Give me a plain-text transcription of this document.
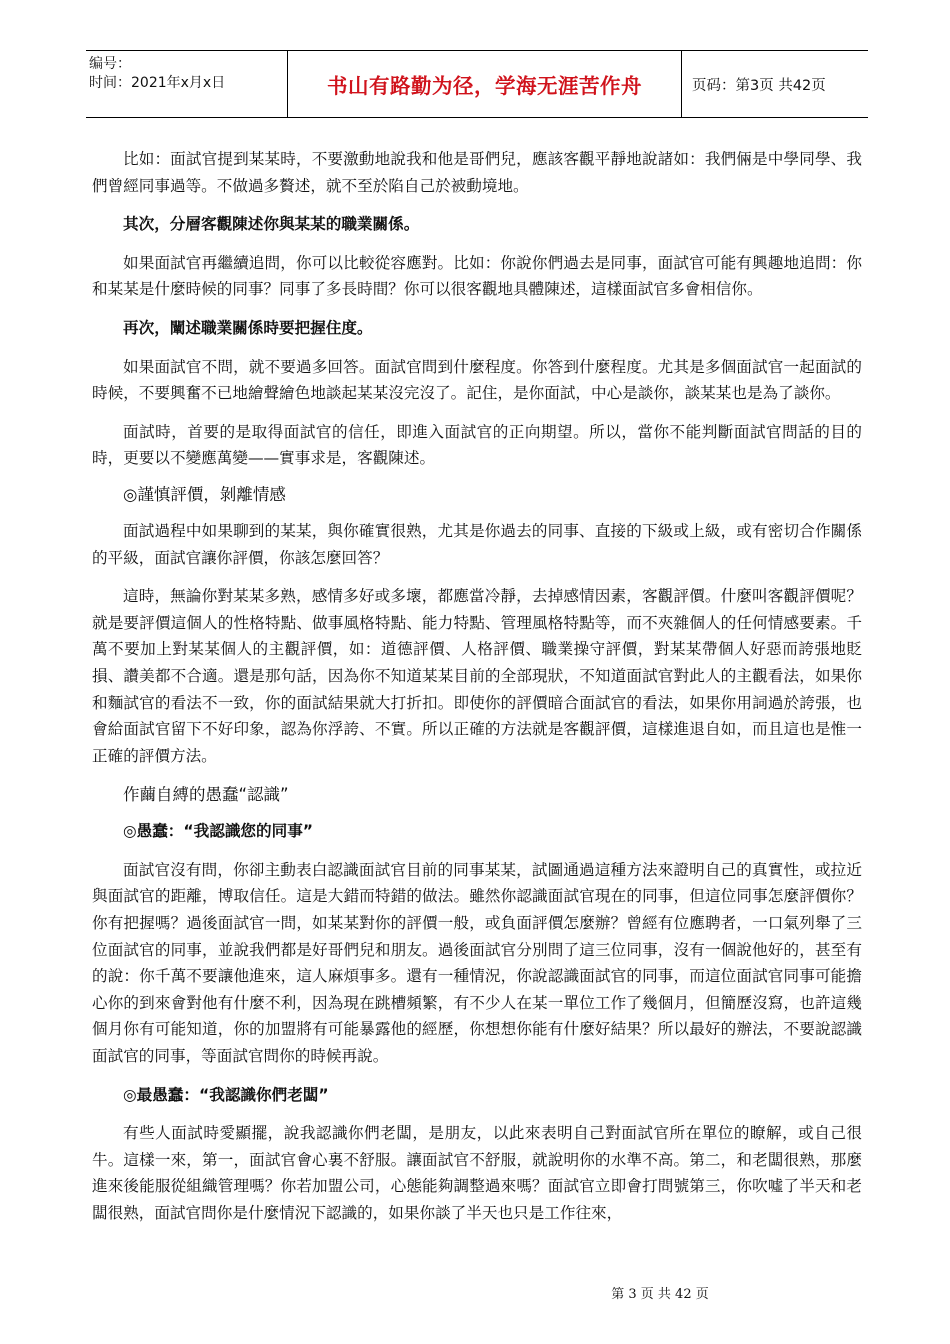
编号：
时间：2021年x月x日	书山有路勤为径，学海无涯苦作舟	页码：第3页 共42页

比如：面試官提到某某時，不要激動地說我和他是哥們兒，應該客觀平靜地說諸如：我們倆是中學同學、我們曾經同事過等。不做過多贅述，就不至於陷自己於被動境地。

其次，分層客觀陳述你與某某的職業關係。

如果面試官再繼續追問，你可以比較從容應對。比如：你說你們過去是同事，面試官可能有興趣地追問：你和某某是什麼時候的同事？同事了多長時間？你可以很客觀地具體陳述，這樣面試官多會相信你。

再次，闡述職業關係時要把握住度。

如果面試官不問，就不要過多回答。面試官問到什麼程度。你答到什麼程度。尤其是多個面試官一起面試的時候，不要興奮不已地繪聲繪色地談起某某沒完沒了。記住，是你面試，中心是談你，談某某也是為了談你。

面試時，首要的是取得面試官的信任，即進入面試官的正向期望。所以，當你不能判斷面試官問話的目的時，更要以不變應萬變——實事求是，客觀陳述。

◎謹慎評價，剝離情感

面試過程中如果聊到的某某，與你確實很熟，尤其是你過去的同事、直接的下級或上級，或有密切合作關係的平級，面試官讓你評價，你該怎麼回答？

這時，無論你對某某多熟，感情多好或多壞，都應當冷靜，去掉感情因素，客觀評價。什麼叫客觀評價呢？就是要評價這個人的性格特點、做事風格特點、能力特點、管理風格特點等，而不夾雜個人的任何情感要素。千萬不要加上對某某個人的主觀評價，如：道德評價、人格評價、職業操守評價，對某某帶個人好惡而誇張地貶損、讚美都不合適。還是那句話，因為你不知道某某目前的全部現狀，不知道面試官對此人的主觀看法，如果你和麵試官的看法不一致，你的面試結果就大打折扣。即使你的評價暗合面試官的看法，如果你用詞過於誇張，也會給面試官留下不好印象，認為你浮誇、不實。所以正確的方法就是客觀評價，這樣進退自如，而且這也是惟一正確的評價方法。

作繭自縛的愚蠢“認識”

◎愚蠢：“我認識您的同事”

面試官沒有問，你卻主動表白認識面試官目前的同事某某，試圖通過這種方法來證明自己的真實性，或拉近與面試官的距離，博取信任。這是大錯而特錯的做法。雖然你認識面試官現在的同事，但這位同事怎麼評價你？你有把握嗎？過後面試官一問，如某某對你的評價一般，或負面評價怎麼辦？曾經有位應聘者，一口氣列舉了三位面試官的同事，並說我們都是好哥們兒和朋友。過後面試官分別問了這三位同事，沒有一個說他好的，甚至有的說：你千萬不要讓他進來，這人麻煩事多。還有一種情況，你說認識面試官的同事，而這位面試官同事可能擔心你的到來會對他有什麼不利，因為現在跳槽頻繁，有不少人在某一單位工作了幾個月，但簡歷沒寫，也許這幾個月你有可能知道，你的加盟將有可能暴露他的經歷，你想想你能有什麼好結果？所以最好的辦法，不要說認識面試官的同事，等面試官問你的時候再說。

◎最愚蠢：“我認識你們老闆”

有些人面試時愛顯擺，說我認識你們老闆，是朋友，以此來表明自己對面試官所在單位的瞭解，或自己很牛。這樣一來，第一，面試官會心裏不舒服。讓面試官不舒服，就說明你的水準不高。第二，和老闆很熟，那麼進來後能服從組織管理嗎？你若加盟公司，心態能夠調整過來嗎？面試官立即會打問號第三，你吹噓了半天和老闆很熟，面試官問你是什麼情況下認識的，如果你談了半天也只是工作往來，

第 3 页 共 42 页
